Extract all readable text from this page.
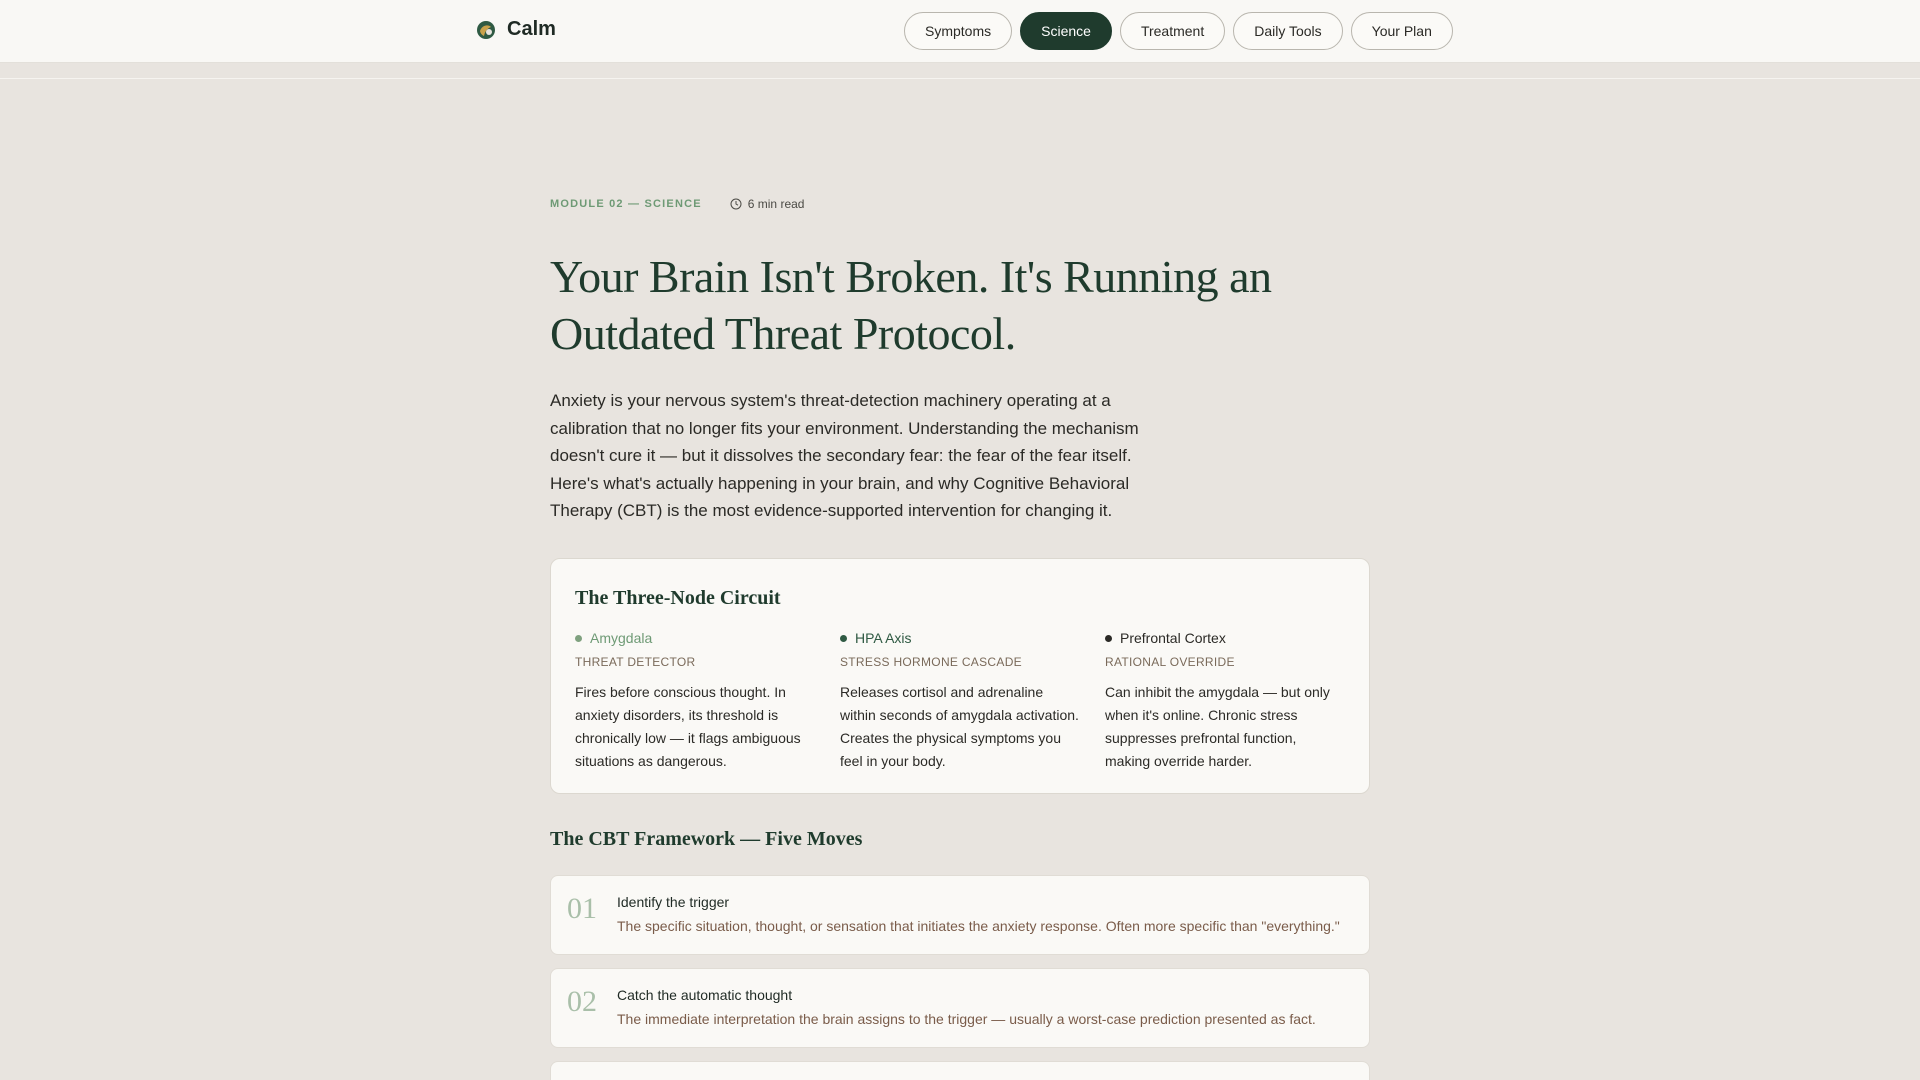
Calm	Symptoms	Science	Treatment	Daily Tools	Your Plan
MODULE 02 — SCIENCE	6 min read
Your Brain Isn't Broken. It's Running an Outdated Threat Protocol.

Anxiety is your nervous system's threat-detection machinery operating at a calibration that no longer fits your environment. Understanding the mechanism doesn't cure it — but it dissolves the secondary fear: the fear of the fear itself. Here's what's actually happening in your brain, and why Cognitive Behavioral Therapy (CBT) is the most evidence-supported intervention for changing it.

The Three-Node Circuit
Amygdala
THREAT DETECTOR

Fires before conscious thought. In anxiety disorders, its threshold is chronically low — it flags ambiguous situations as dangerous.

HPA Axis
STRESS HORMONE CASCADE

Releases cortisol and adrenaline within seconds of amygdala activation. Creates the physical symptoms you feel in your body.

Prefrontal Cortex
RATIONAL OVERRIDE

Can inhibit the amygdala — but only when it's online. Chronic stress suppresses prefrontal function, making override harder.

The CBT Framework — Five Moves
01 Identify the trigger
The specific situation, thought, or sensation that initiates the anxiety response. Often more specific than "everything."
02 Catch the automatic thought
The immediate interpretation the brain assigns to the trigger — usually a worst-case prediction presented as fact.
